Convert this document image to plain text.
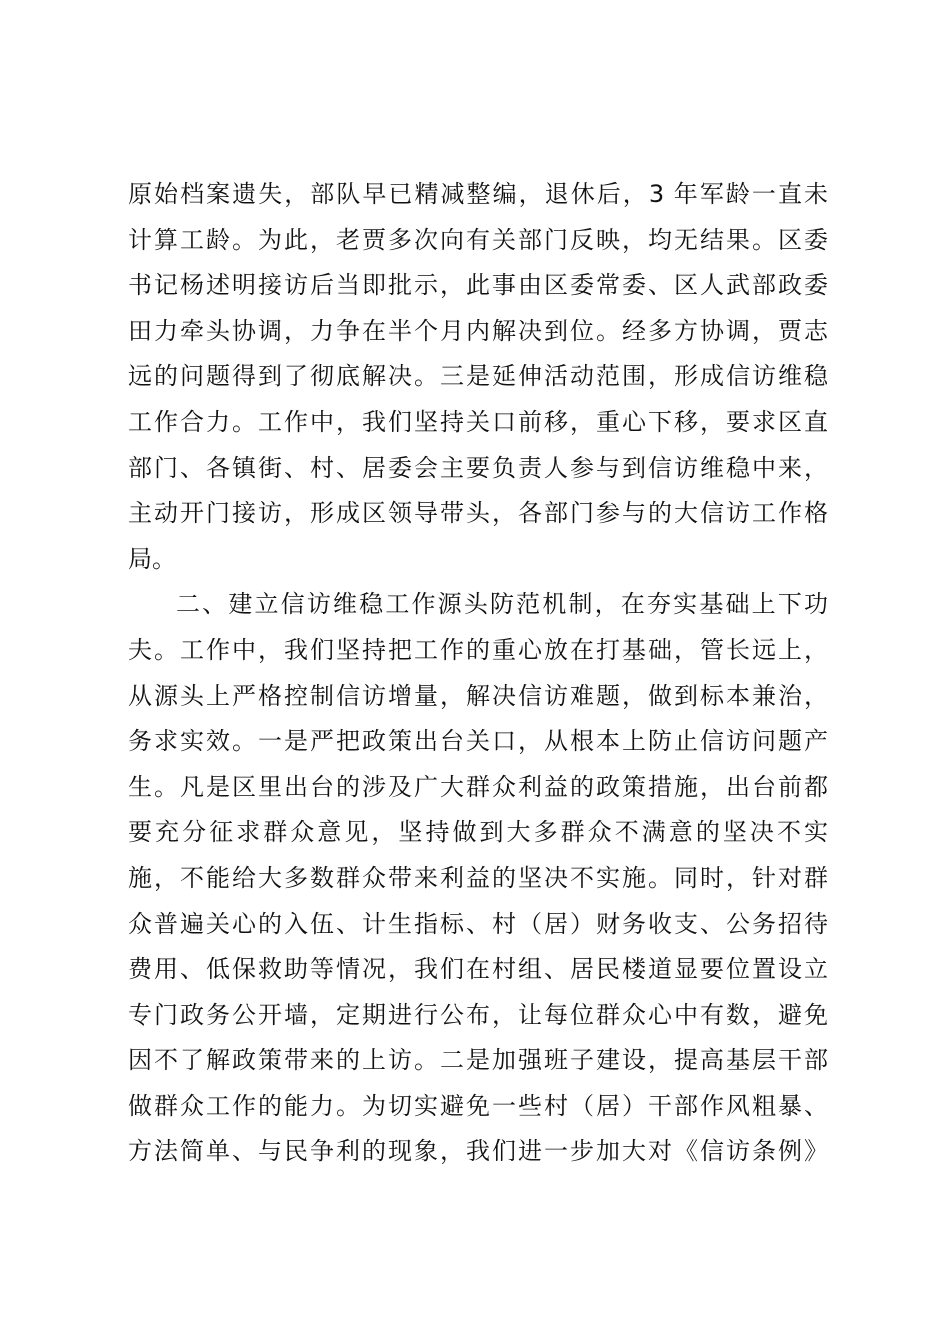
原始档案遗失，部队早已精减整编，退休后，3 年军龄一直未
计算工龄。为此，老贾多次向有关部门反映，均无结果。区委
书记杨述明接访后当即批示，此事由区委常委、区人武部政委
田力牵头协调，力争在半个月内解决到位。经多方协调，贾志
远的问题得到了彻底解决。三是延伸活动范围，形成信访维稳
工作合力。工作中，我们坚持关口前移，重心下移，要求区直
部门、各镇街、村、居委会主要负责人参与到信访维稳中来，
主动开门接访，形成区领导带头，各部门参与的大信访工作格
局。
二、建立信访维稳工作源头防范机制，在夯实基础上下功
夫。工作中，我们坚持把工作的重心放在打基础，管长远上，
从源头上严格控制信访增量，解决信访难题，做到标本兼治，
务求实效。一是严把政策出台关口，从根本上防止信访问题产
生。凡是区里出台的涉及广大群众利益的政策措施，出台前都
要充分征求群众意见，坚持做到大多群众不满意的坚决不实
施，不能给大多数群众带来利益的坚决不实施。同时，针对群
众普遍关心的入伍、计生指标、村（居）财务收支、公务招待
费用、低保救助等情况，我们在村组、居民楼道显要位置设立
专门政务公开墙，定期进行公布，让每位群众心中有数，避免
因不了解政策带来的上访。二是加强班子建设，提高基层干部
做群众工作的能力。为切实避免一些村（居）干部作风粗暴、
方法简单、与民争利的现象，我们进一步加大对《信访条例》
